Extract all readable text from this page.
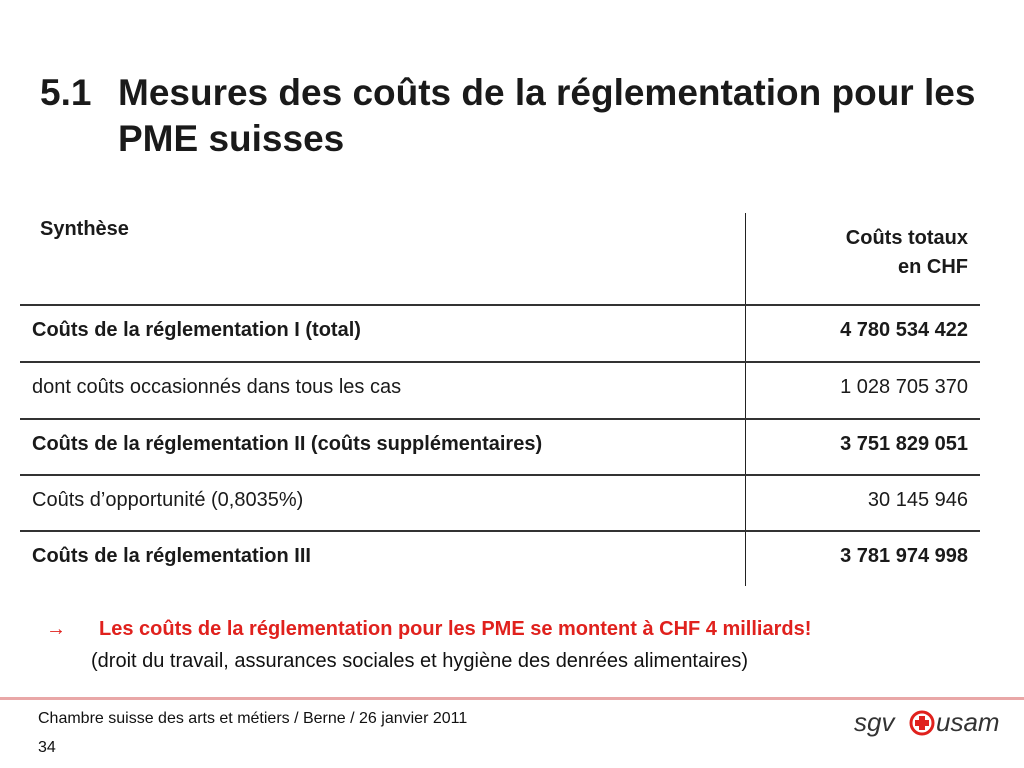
5.1 Mesures des coûts de la réglementation pour les PME suisses
Synthèse	Coûts totaux
en CHF
Coûts de la réglementation I (total)	4 780 534 422
dont coûts occasionnés dans tous les cas	1 028 705 370
Coûts de la réglementation II (coûts supplémentaires)	3 751 829 051
Coûts d’opportunité (0,8035%)	30 145 946
Coûts de la réglementation III	3 781 974 998
→ Les coûts de la réglementation pour les PME se montent à CHF 4 milliards!
(droit du travail, assurances sociales et hygiène des denrées alimentaires)
Chambre suisse des arts et métiers / Berne / 26 janvier 2011
34
sgv usam
